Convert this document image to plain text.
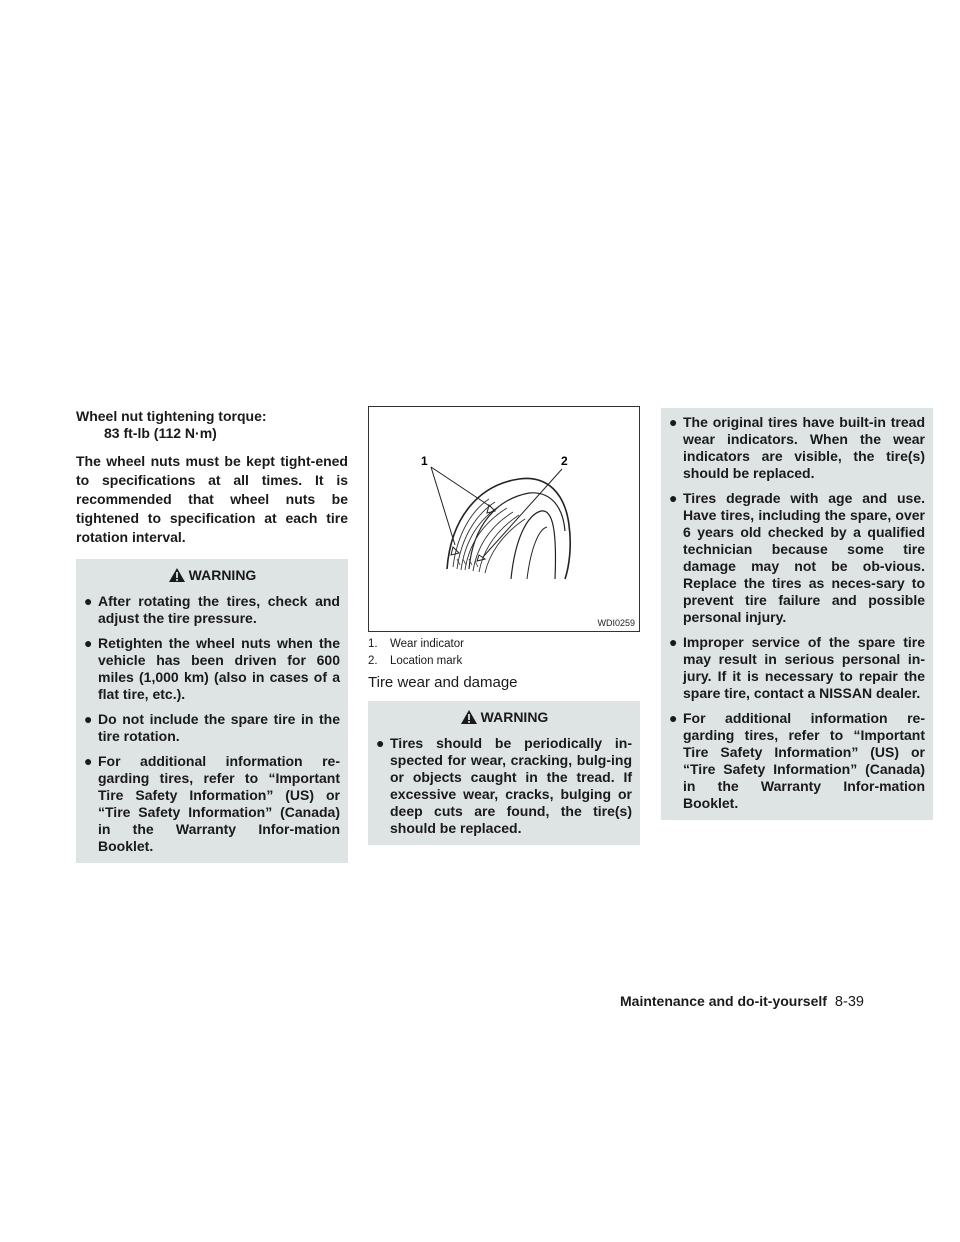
Wheel nut tightening torque:

83 ft-lb (112 N·m)

The wheel nuts must be kept tight-ened to specifications at all times. It is recommended that wheel nuts be tightened to specification at each tire rotation interval.

WARNING
● After rotating the tires, check and adjust the tire pressure.
● Retighten the wheel nuts when the vehicle has been driven for 600 miles (1,000 km) (also in cases of a flat tire, etc.).
● Do not include the spare tire in the tire rotation.
● For additional information re-garding tires, refer to “Important Tire Safety Information” (US) or “Tire Safety Information” (Canada) in the Warranty Infor-mation Booklet.
1	2
WDI0259
1.	Wear indicator
2.	Location mark
Tire wear and damage
WARNING
● Tires should be periodically in-spected for wear, cracking, bulg-ing or objects caught in the tread. If excessive wear, cracks, bulging or deep cuts are found, the tire(s) should be replaced.
● The original tires have built-in tread wear indicators. When the wear indicators are visible, the tire(s) should be replaced.
● Tires degrade with age and use. Have tires, including the spare, over 6 years old checked by a qualified technician because some tire damage may not be ob-vious. Replace the tires as neces-sary to prevent tire failure and possible personal injury.
● Improper service of the spare tire may result in serious personal in-jury. If it is necessary to repair the spare tire, contact a NISSAN dealer.
● For additional information re-garding tires, refer to “Important Tire Safety Information” (US) or “Tire Safety Information” (Canada) in the Warranty Infor-mation Booklet.
Maintenance and do-it-yourself 8-39
